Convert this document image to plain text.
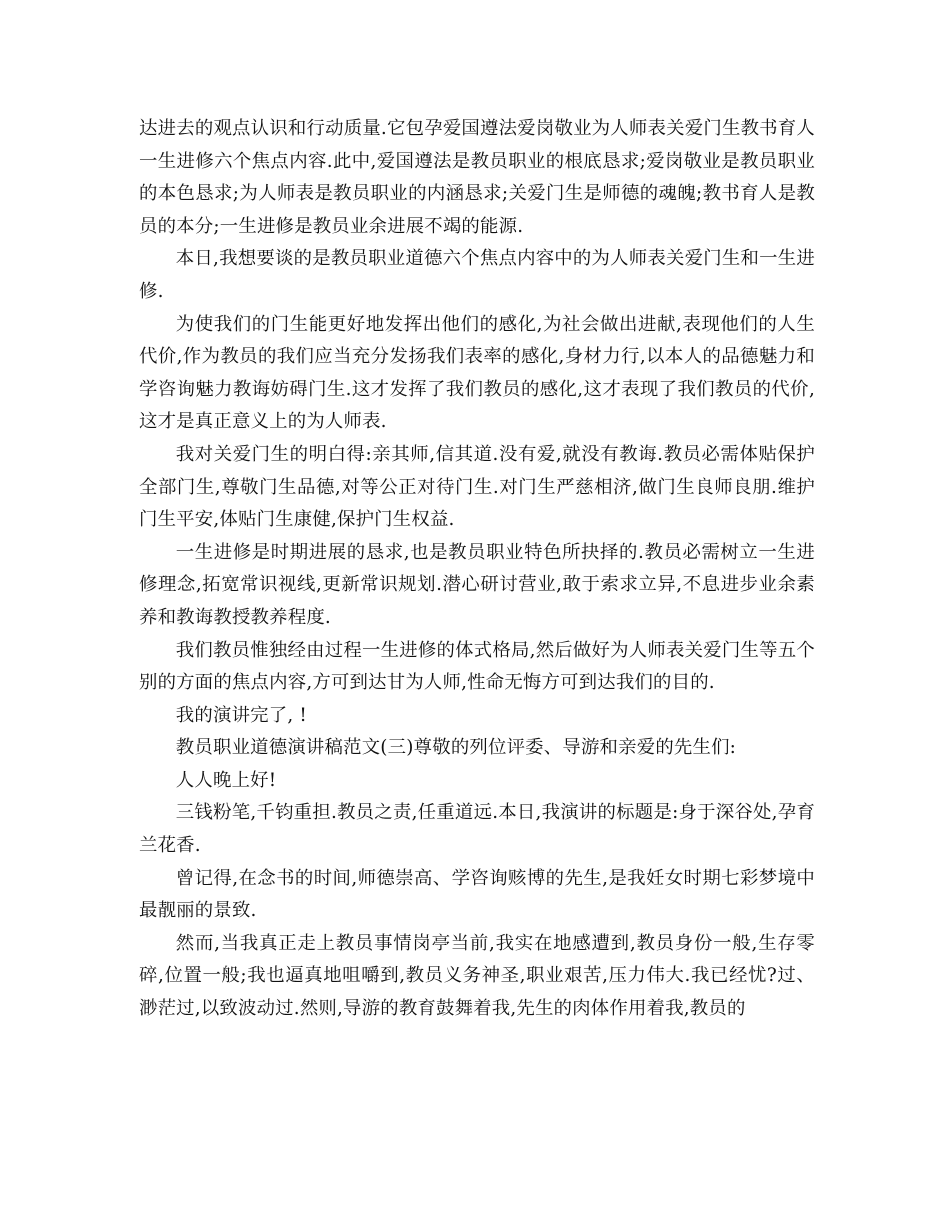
达进去的观点认识和行动质量.它包孕爱国遵法爱岗敬业为人师表关爱门生教书育人一生进修六个焦点内容.此中,爱国遵法是教员职业的根底恳求;爱岗敬业是教员职业的本色恳求;为人师表是教员职业的内涵恳求;关爱门生是师德的魂魄;教书育人是教员的本分;一生进修是教员业余进展不竭的能源.

本日,我想要谈的是教员职业道德六个焦点内容中的为人师表关爱门生和一生进修.

为使我们的门生能更好地发挥出他们的感化,为社会做出进献,表现他们的人生代价,作为教员的我们应当充分发扬我们表率的感化,身材力行,以本人的品德魅力和学咨询魅力教诲妨碍门生.这才发挥了我们教员的感化,这才表现了我们教员的代价,这才是真正意义上的为人师表.

我对关爱门生的明白得:亲其师,信其道.没有爱,就没有教诲.教员必需体贴保护全部门生,尊敬门生品德,对等公正对待门生.对门生严慈相济,做门生良师良朋.维护门生平安,体贴门生康健,保护门生权益.

一生进修是时期进展的恳求,也是教员职业特色所抉择的.教员必需树立一生进修理念,拓宽常识视线,更新常识规划.潜心研讨营业,敢于索求立异,不息进步业余素养和教诲教授教养程度.

我们教员惟独经由过程一生进修的体式格局,然后做好为人师表关爱门生等五个别的方面的焦点内容,方可到达甘为人师,性命无悔方可到达我们的目的.

我的演讲完了, !

教员职业道德演讲稿范文(三)尊敬的列位评委、导游和亲爱的先生们:

人人晚上好!

三钱粉笔,千钧重担.教员之责,任重道远.本日,我演讲的标题是:身于深谷处,孕育兰花香.

曾记得,在念书的时间,师德崇高、学咨询赅博的先生,是我妊女时期七彩梦境中最靓丽的景致.

然而,当我真正走上教员事情岗亭当前,我实在地感遭到,教员身份一般,生存零碎,位置一般;我也逼真地咀嚼到,教员义务神圣,职业艰苦,压力伟大.我已经忧?过、渺茫过,以致波动过.然则,导游的教育鼓舞着我,先生的肉体作用着我,教员的
